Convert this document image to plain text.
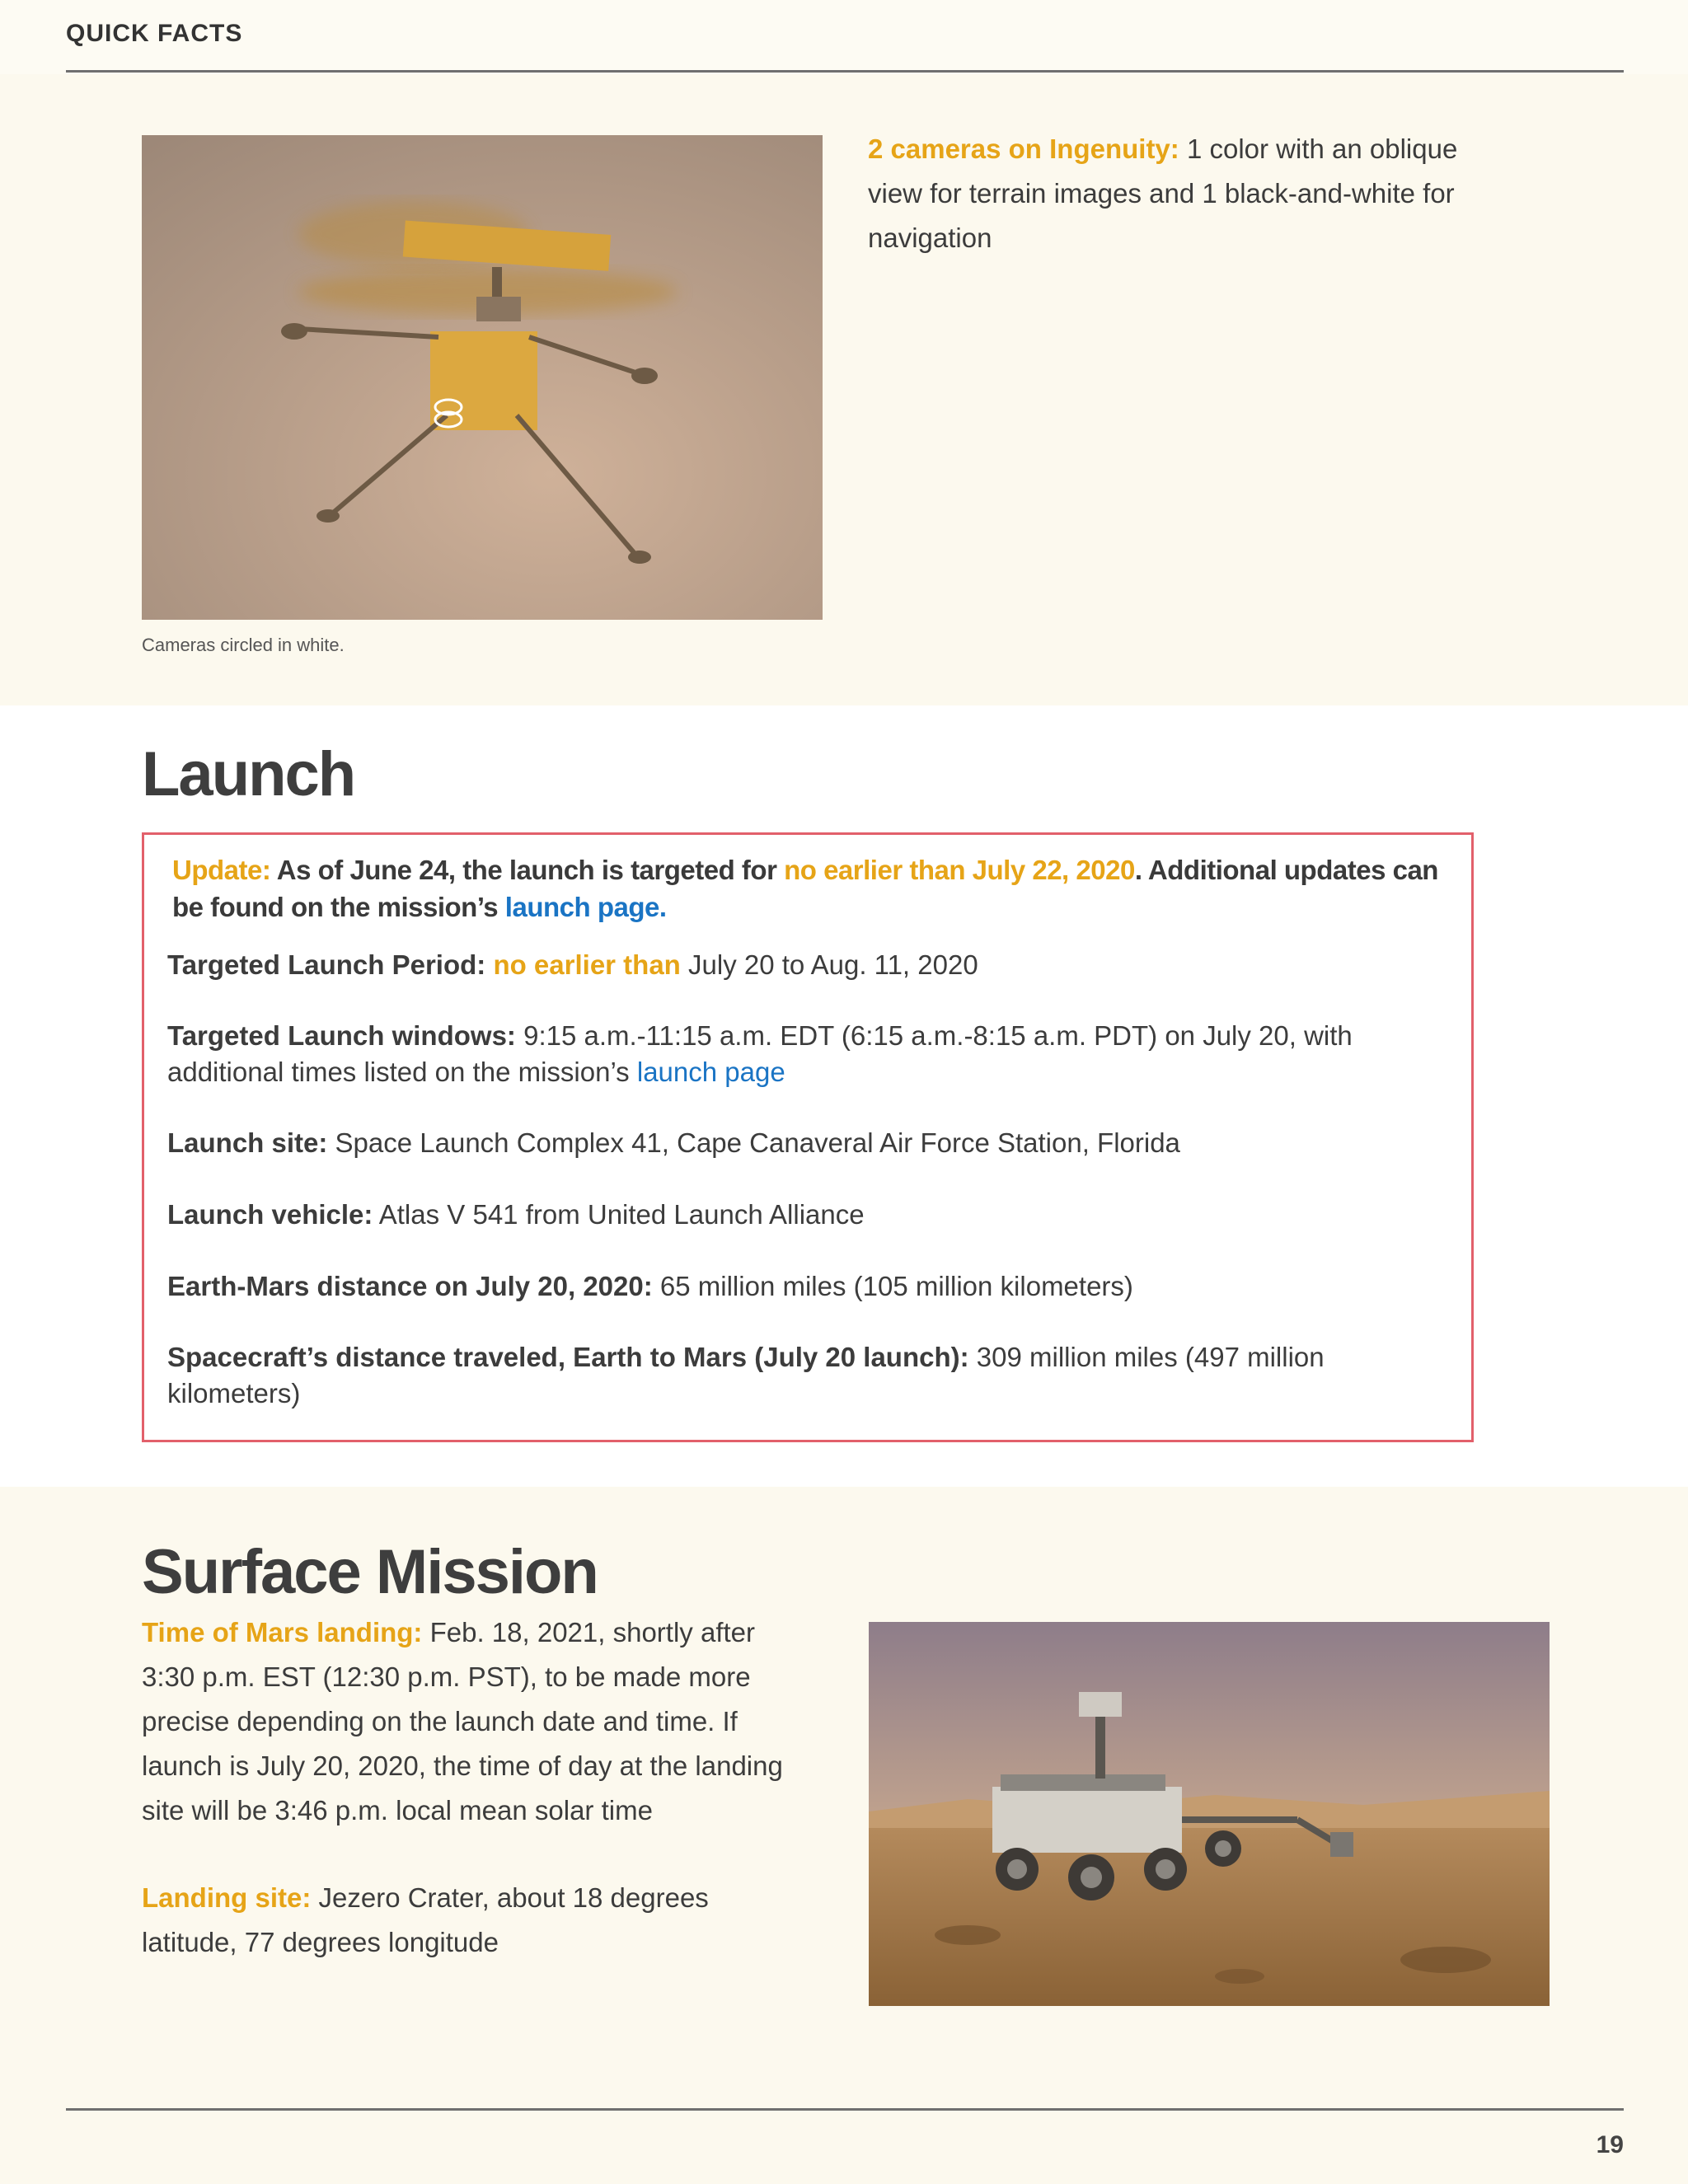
QUICK FACTS
Cameras circled in white.
2 cameras on Ingenuity: 1 color with an oblique view for terrain images and 1 black-and-white for navigation
Launch
Update: As of June 24, the launch is targeted for no earlier than July 22, 2020. Additional updates can be found on the mission’s launch page.
Targeted Launch Period: no earlier than July 20 to Aug. 11, 2020
Targeted Launch windows: 9:15 a.m.-11:15 a.m. EDT (6:15 a.m.-8:15 a.m. PDT) on July 20, with additional times listed on the mission’s launch page
Launch site: Space Launch Complex 41, Cape Canaveral Air Force Station, Florida
Launch vehicle: Atlas V 541 from United Launch Alliance
Earth-Mars distance on July 20, 2020: 65 million miles (105 million kilometers)
Spacecraft’s distance traveled, Earth to Mars (July 20 launch): 309 million miles (497 million kilometers)
Surface Mission

Time of Mars landing: Feb. 18, 2021, shortly after 3:30 p.m. EST (12:30 p.m. PST), to be made more precise depending on the launch date and time. If launch is July 20, 2020, the time of day at the landing site will be 3:46 p.m. local mean solar time

Landing site: Jezero Crater, about 18 degrees latitude, 77 degrees longitude

19
